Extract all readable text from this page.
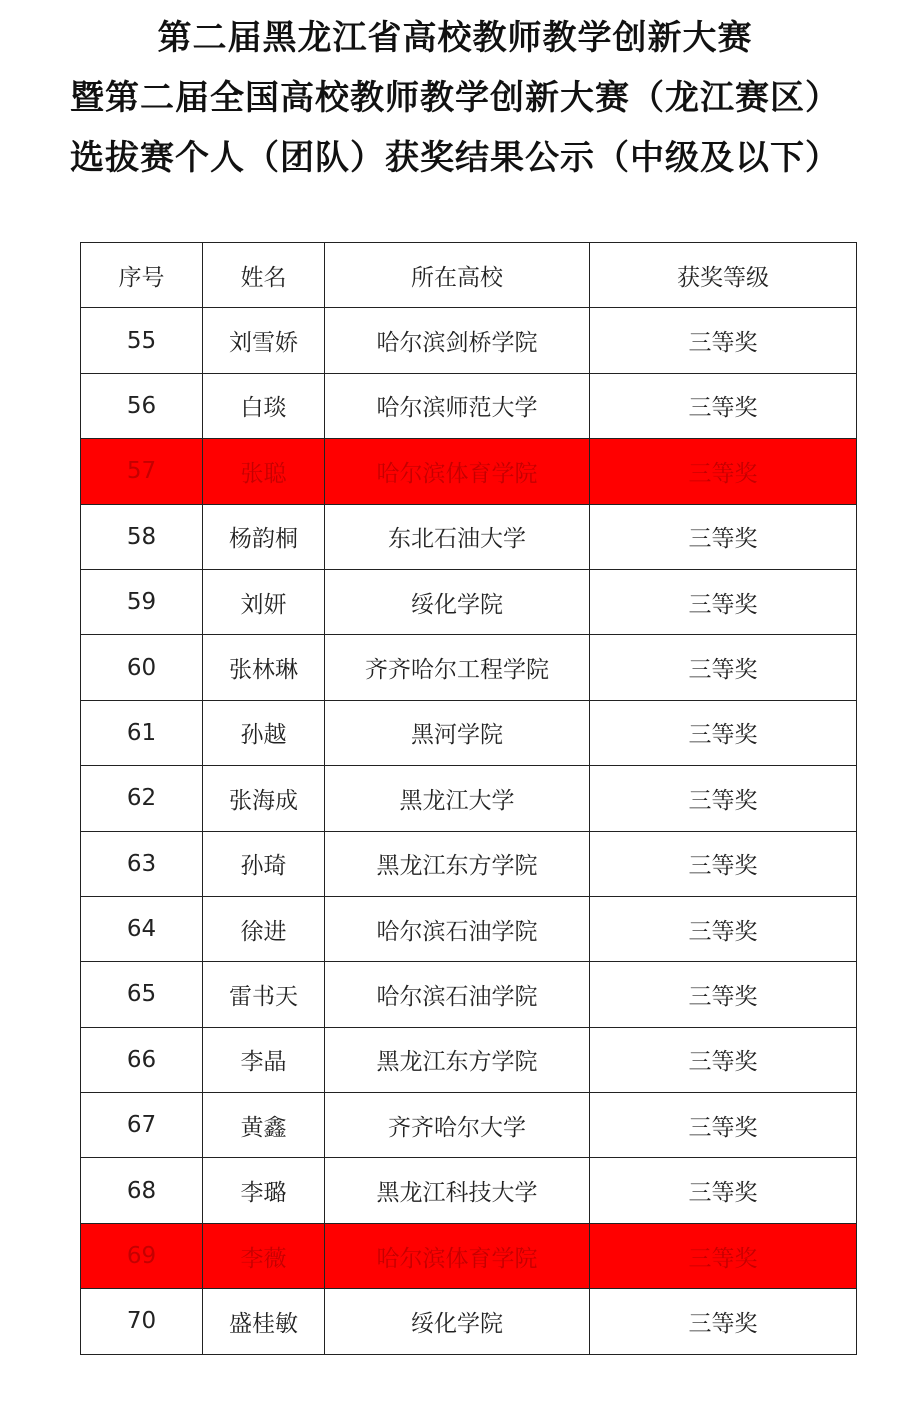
第二届黑龙江省高校教师教学创新大赛
暨第二届全国高校教师教学创新大赛（龙江赛区）
选拔赛个人（团队）获奖结果公示（中级及以下）
序号	姓名	所在高校	获奖等级
55	刘雪娇	哈尔滨剑桥学院	三等奖
56	白琰	哈尔滨师范大学	三等奖
57	张聪	哈尔滨体育学院	三等奖
58	杨韵桐	东北石油大学	三等奖
59	刘妍	绥化学院	三等奖
60	张林琳	齐齐哈尔工程学院	三等奖
61	孙越	黑河学院	三等奖
62	张海成	黑龙江大学	三等奖
63	孙琦	黑龙江东方学院	三等奖
64	徐进	哈尔滨石油学院	三等奖
65	雷书天	哈尔滨石油学院	三等奖
66	李晶	黑龙江东方学院	三等奖
67	黄鑫	齐齐哈尔大学	三等奖
68	李璐	黑龙江科技大学	三等奖
69	李薇	哈尔滨体育学院	三等奖
70	盛桂敏	绥化学院	三等奖
